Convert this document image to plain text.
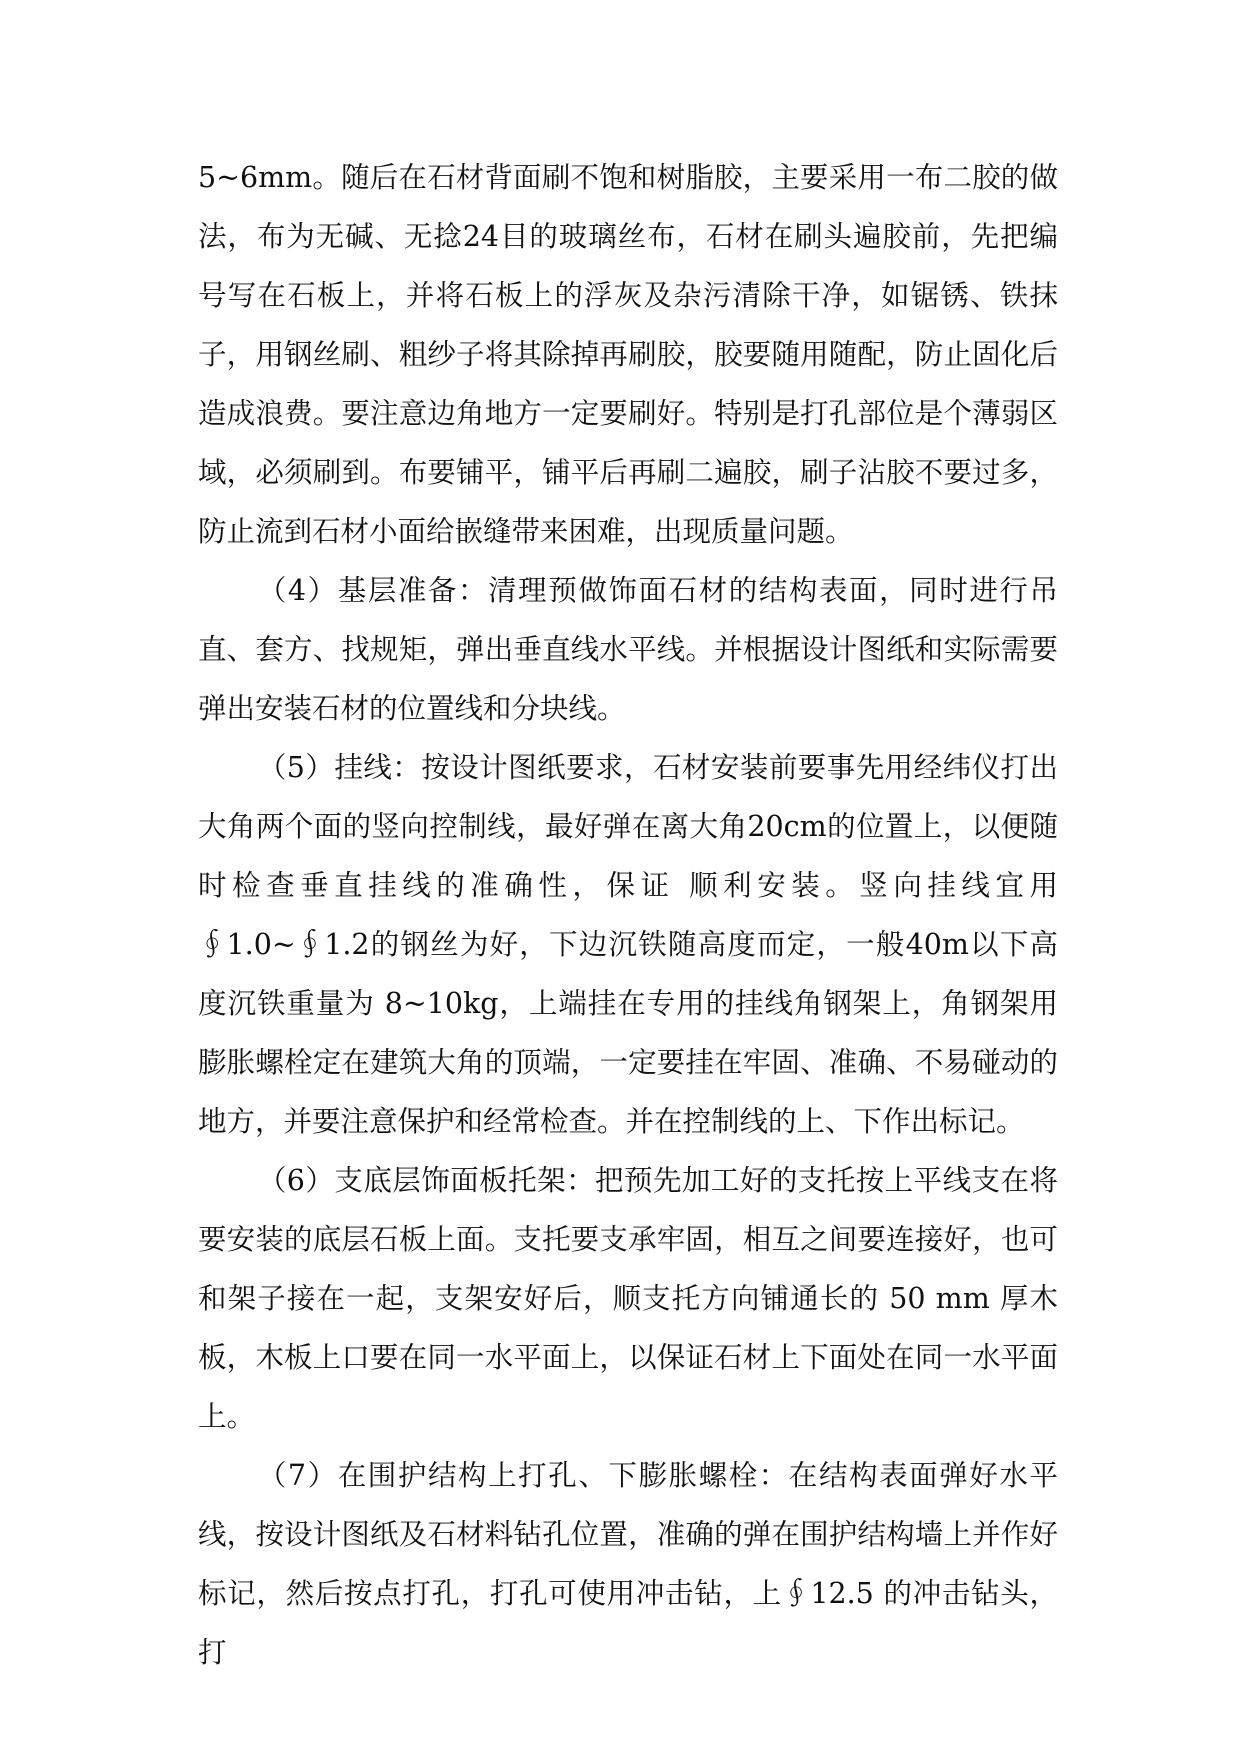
5~6mm。随后在石材背面刷不饱和树脂胶，主要采用一布二胶的做法，布为无碱、无捻24目的玻璃丝布，石材在刷头遍胶前，先把编号写在石板上，并将石板上的浮灰及杂污清除干净，如锯锈、铁抹子，用钢丝刷、粗纱子将其除掉再刷胶，胶要随用随配，防止固化后造成浪费。要注意边角地方一定要刷好。特别是打孔部位是个薄弱区域，必须刷到。布要铺平，铺平后再刷二遍胶，刷子沾胶不要过多，防止流到石材小面给嵌缝带来困难，出现质量问题。

（4）基层准备：清理预做饰面石材的结构表面，同时进行吊直、套方、找规矩，弹出垂直线水平线。并根据设计图纸和实际需要弹出安装石材的位置线和分块线。

（5）挂线：按设计图纸要求，石材安装前要事先用经纬仪打出大角两个面的竖向控制线，最好弹在离大角20cm的位置上，以便随时检查垂直挂线的准确性，保证 顺利安装。竖向挂线宜用∮1.0~∮1.2的钢丝为好，下边沉铁随高度而定，一般40m以下高度沉铁重量为 8~10kg，上端挂在专用的挂线角钢架上，角钢架用膨胀螺栓定在建筑大角的顶端，一定要挂在牢固、准确、不易碰动的地方，并要注意保护和经常检查。并在控制线的上、下作出标记。

（6）支底层饰面板托架：把预先加工好的支托按上平线支在将要安装的底层石板上面。支托要支承牢固，相互之间要连接好，也可和架子接在一起，支架安好后，顺支托方向铺通长的 50 mm 厚木板，木板上口要在同一水平面上，以保证石材上下面处在同一水平面上。

（7）在围护结构上打孔、下膨胀螺栓：在结构表面弹好水平线，按设计图纸及石材料钻孔位置，准确的弹在围护结构墙上并作好标记，然后按点打孔，打孔可使用冲击钻，上∮12.5 的冲击钻头，打
